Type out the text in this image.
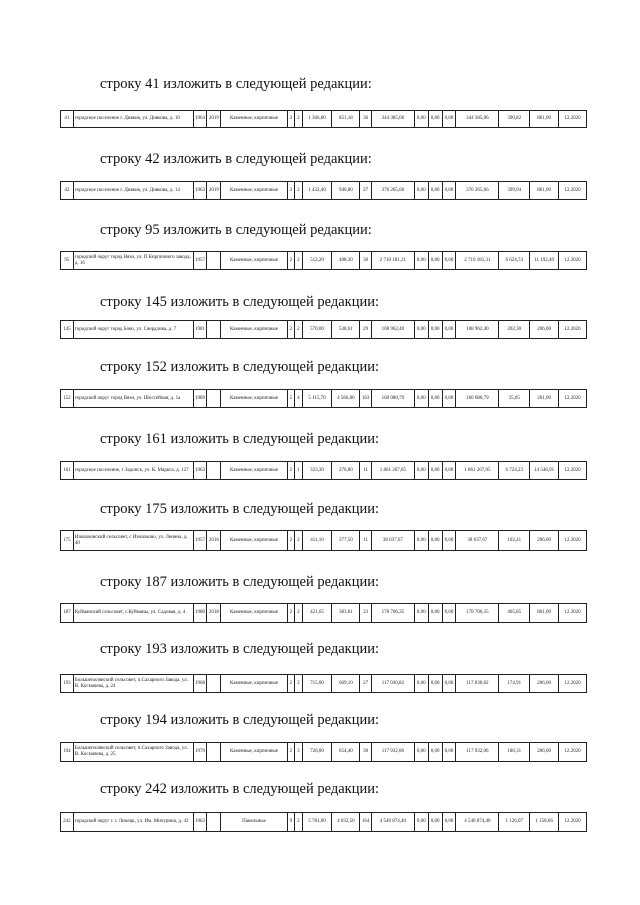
строку 41 изложить в следующей редакции:
41	городское поселение г. Днвков, ул. Днвкова, д. 10	1964	2019	Каменные, кирпичные	3	2	1 366,80	851,18	36	344 385,06	0,00	0,00	0,00	344 385,06	390,82	861,00	12.2020
строку 42 изложить в следующей редакции:
42	городское поселение г. Днвков, ул. Днвкова, д. 14	1963	2019	Каменные, кирпичные	3	2	1 432,40	940,80	27	376 265,66	0,00	0,00	0,00	376 265,66	399,94	861,00	12.2020
строку 95 изложить в следующей редакции:
95	городской округ город Вязн, ул. П Кирпичного завода, д. 16	1957		Каменные, кирпичные	2	2	512,20	408,30	30	2 710 181,31	0,00	0,00	0,00	2 710 181,31	6 624,74	11 192,40	12.2020
строку 145 изложить в следующей редакции:
145	городской округ город Бово, ул. Свердлова, д. 7	1981		Каменные, кирпичные	2	2	570,00	538,61	29	108 962,40	0,00	0,00	0,00	108 962,40	202,30	206,00	12.2020
строку 152 изложить в следующей редакции:
152	городской округ город Вязн, ул. Шоссейная, д. 1а	1989		Каменные, кирпичные	5	4	5 115,70	4 566,80	163	160 080,79	0,00	0,00	0,00	160 080,79	35,05	201,00	12.2020
строку 161 изложить в следующей редакции:
161	городское поселение, г Задонск, ул. К. Маркса, д. 127	1963		Каменные, кирпичные	2	1	323,30	276,80	11	1 861 267,05	0,00	0,00	0,00	1 861 267,05	6 724,23	14 546,91	12.2020
строку 175 изложить в следующей редакции:
175	Измалковский сельсовет, с Измалково, ул. Ленина, д. 40	1957	2016	Каменные, кирпичные	2	2	411,10	377,50	11	38 637,67	0,00	0,00	0,00	38 637,67	102,41	206,00	12.2020
строку 187 изложить в следующей редакции:
187	Куйманский сельсовет, с.Куйманы, ул. Садовая, д. 4	1980	2018	Каменные, кирпичные	2	2	421,65	383,61	23	178 706,35	0,00	0,00	0,00	178 706,35	465,85	861,00	12.2020
строку 193 изложить в следующей редакции:
193	Большеполянский сельсовет, п.Сахарного Завода, ул. В. Космачева, д. 24	1968		Каменные, кирпичные	2	2	715,00	669,10	27	117 030,82	0,00	0,00	0,00	117 030,82	174,91	206,00	12.2020
строку 194 изложить в следующей редакции:
194	Большеполянский сельсовет, п.Сахарного Завода, ул. В. Космачева, д. 25	1970		Каменные, кирпичные	2	3	726,00	654,40	30	117 932,06	0,00	0,00	0,00	117 932,06	180,31	206,00	12.2020
строку 242 изложить в следующей редакции:
242	городской округ г. г. Липецк, ул. Им. Мичурина, д. 42	1963		Панельные	9	2	5 781,00	4 032,50	164	4 540 874,40	0,00	0,00	0,00	4 540 874,40	1 126,07	1 158,66	12.2020
